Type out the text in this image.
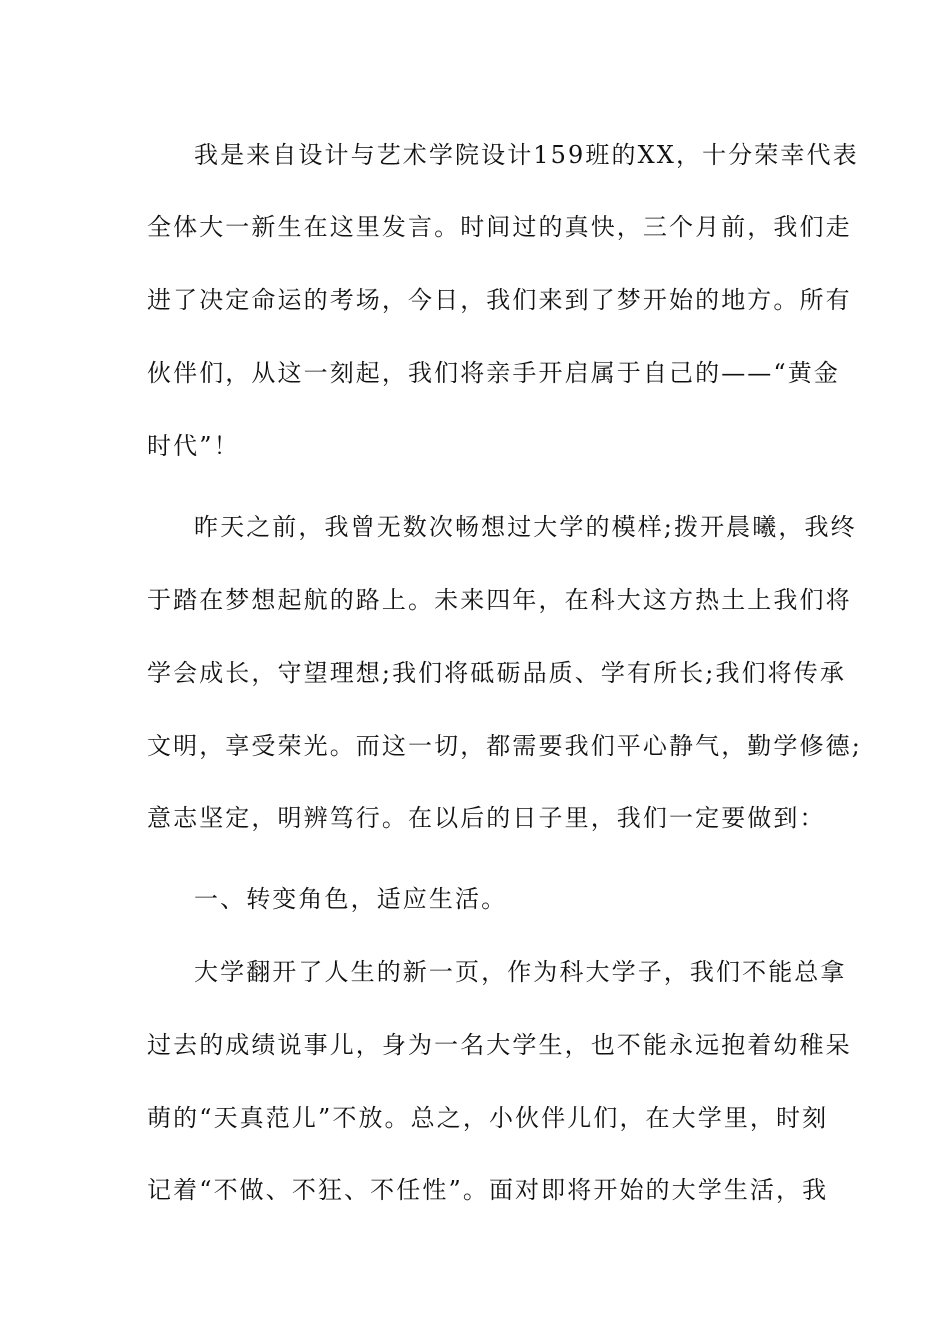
我是来自设计与艺术学院设计159班的XX，十分荣幸代表
全体大一新生在这里发言。时间过的真快，三个月前，我们走
进了决定命运的考场，今日，我们来到了梦开始的地方。所有
伙伴们，从这一刻起，我们将亲手开启属于自己的——“黄金
时代”！
昨天之前，我曾无数次畅想过大学的模样;拨开晨曦，我终
于踏在梦想起航的路上。未来四年，在科大这方热土上我们将
学会成长，守望理想;我们将砥砺品质、学有所长;我们将传承
文明，享受荣光。而这一切，都需要我们平心静气，勤学修德;
意志坚定，明辨笃行。在以后的日子里，我们一定要做到：
一、转变角色，适应生活。
大学翻开了人生的新一页，作为科大学子，我们不能总拿
过去的成绩说事儿，身为一名大学生，也不能永远抱着幼稚呆
萌的“天真范儿”不放。总之，小伙伴儿们，在大学里，时刻
记着“不做、不狂、不任性”。面对即将开始的大学生活，我
